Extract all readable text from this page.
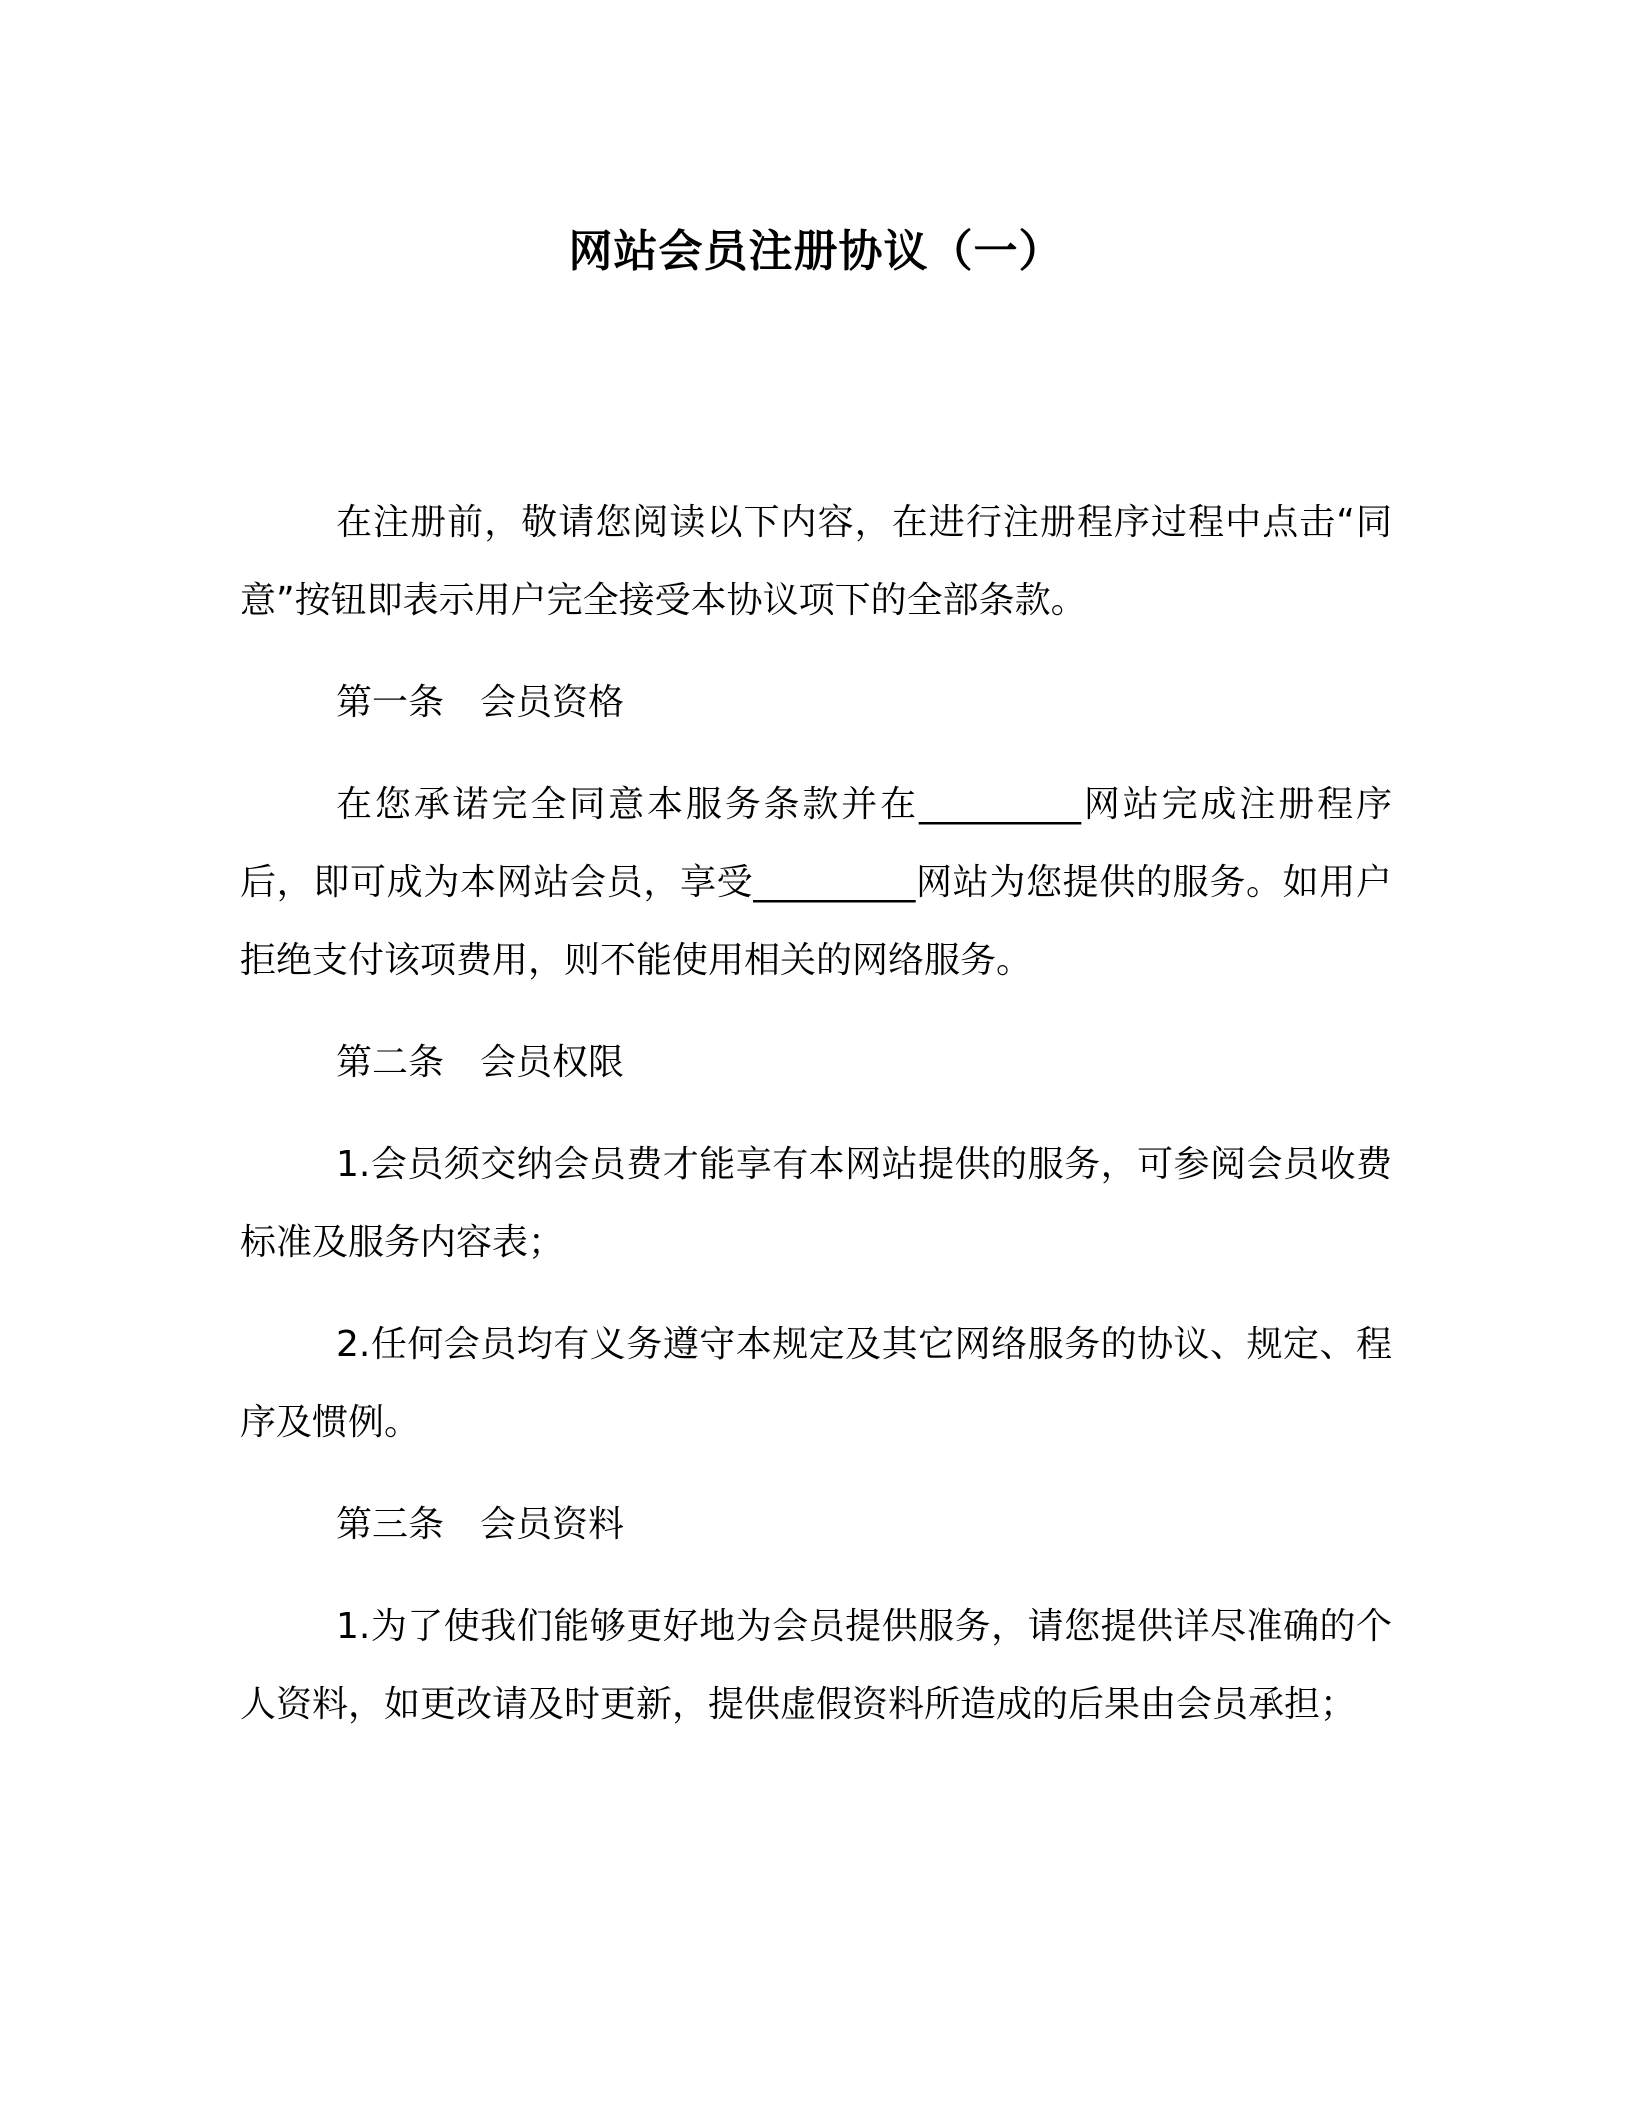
网站会员注册协议（一）

在注册前，敬请您阅读以下内容，在进行注册程序过程中点击“同意”按钮即表示用户完全接受本协议项下的全部条款。

第一条 会员资格

在您承诺完全同意本服务条款并在_________网站完成注册程序后，即可成为本网站会员，享受_________网站为您提供的服务。如用户拒绝支付该项费用，则不能使用相关的网络服务。

第二条 会员权限

1.会员须交纳会员费才能享有本网站提供的服务，可参阅会员收费标准及服务内容表；

2.任何会员均有义务遵守本规定及其它网络服务的协议、规定、程序及惯例。

第三条 会员资料

1.为了使我们能够更好地为会员提供服务，请您提供详尽准确的个人资料，如更改请及时更新，提供虚假资料所造成的后果由会员承担；
